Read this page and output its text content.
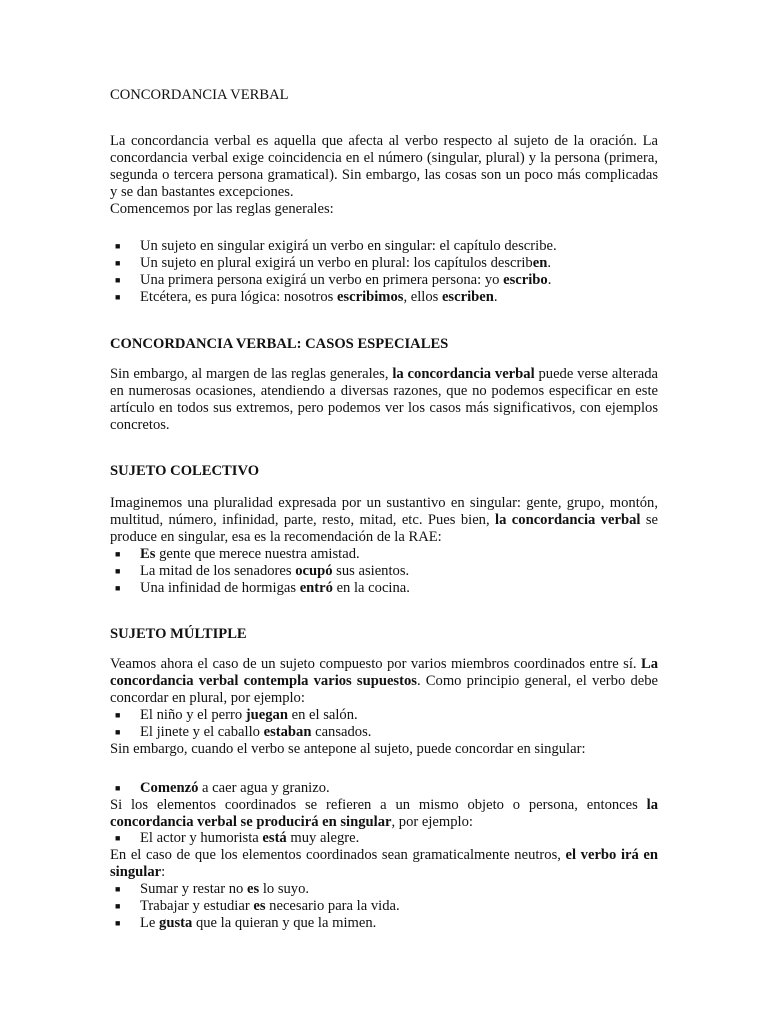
CONCORDANCIA VERBAL

La concordancia verbal es aquella que afecta al verbo respecto al sujeto de la oración. La concordancia verbal exige coincidencia en el número (singular, plural) y la persona (primera, segunda o tercera persona gramatical). Sin embargo, las cosas son un poco más complicadas y se dan bastantes excepciones.

Comencemos por las reglas generales:

■ Un sujeto en singular exigirá un verbo en singular: el capítulo describe.
■ Un sujeto en plural exigirá un verbo en plural: los capítulos describen.
■ Una primera persona exigirá un verbo en primera persona: yo escribo.
■ Etcétera, es pura lógica: nosotros escribimos, ellos escriben.

CONCORDANCIA VERBAL: CASOS ESPECIALES

Sin embargo, al margen de las reglas generales, la concordancia verbal puede verse alterada en numerosas ocasiones, atendiendo a diversas razones, que no podemos especificar en este artículo en todos sus extremos, pero podemos ver los casos más significativos, con ejemplos concretos.

SUJETO COLECTIVO

Imaginemos una pluralidad expresada por un sustantivo en singular: gente, grupo, montón, multitud, número, infinidad, parte, resto, mitad, etc. Pues bien, la concordancia verbal se produce en singular, esa es la recomendación de la RAE:

■ Es gente que merece nuestra amistad.
■ La mitad de los senadores ocupó sus asientos.
■ Una infinidad de hormigas entró en la cocina.

SUJETO MÚLTIPLE

Veamos ahora el caso de un sujeto compuesto por varios miembros coordinados entre sí. La concordancia verbal contempla varios supuestos. Como principio general, el verbo debe concordar en plural, por ejemplo:

■ El niño y el perro juegan en el salón.
■ El jinete y el caballo estaban cansados.

Sin embargo, cuando el verbo se antepone al sujeto, puede concordar en singular:

■ Comenzó a caer agua y granizo.

Si los elementos coordinados se refieren a un mismo objeto o persona, entonces la concordancia verbal se producirá en singular, por ejemplo:

■ El actor y humorista está muy alegre.

En el caso de que los elementos coordinados sean gramaticalmente neutros, el verbo irá en singular:

■ Sumar y restar no es lo suyo.
■ Trabajar y estudiar es necesario para la vida.
■ Le gusta que la quieran y que la mimen.
